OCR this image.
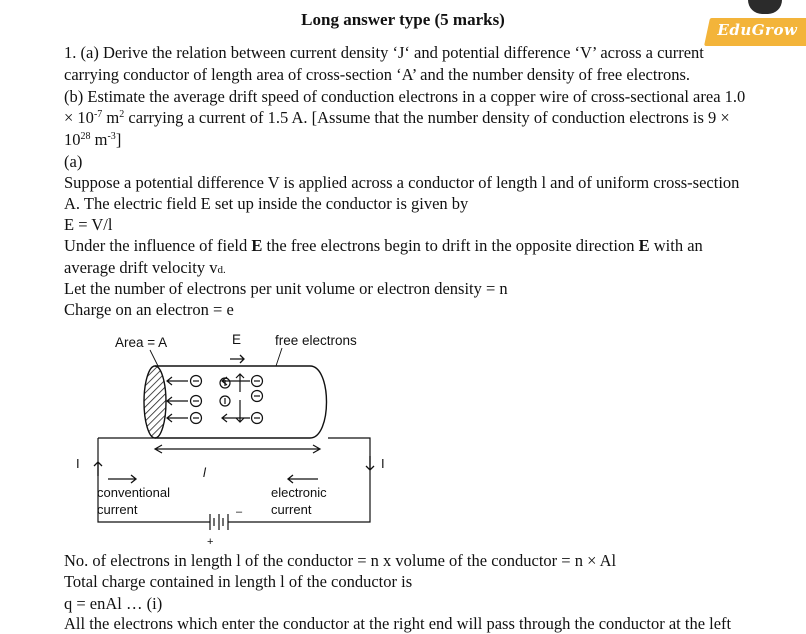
Long answer type (5 marks)
EduGrow
1. (a) Derive the relation between current density ‘J‘ and potential difference ‘V’ across a current
carrying conductor of length area of cross-section ‘A’ and the number density of free electrons.
(b) Estimate the average drift speed of conduction electrons in a copper wire of cross-sectional area 1.0
× $10^{-7}$ $m^2$ carrying a current of 1.5 A. [Assume that the number density of conduction electrons is 9 ×
$10^{28}$ $m^{-3}$]
(a)
Suppose a potential difference V is applied across a conductor of length l and of uniform cross-section
A. The electric field E set up inside the conductor is given by
E = V/l
Under the influence of field E the free electrons begin to drift in the opposite direction E with an
average drift velocity vd.
Let the number of electrons per unit volume or electron density = n
Charge on an electron = e
Area = A	E	free electrons
l
I	I
+
–
conventional
current
electronic
current
No. of electrons in length l of the conductor = n x volume of the conductor = n × Al
Total charge contained in length l of the conductor is
q = enAl … (i)
All the electrons which enter the conductor at the right end will pass through the conductor at the left
